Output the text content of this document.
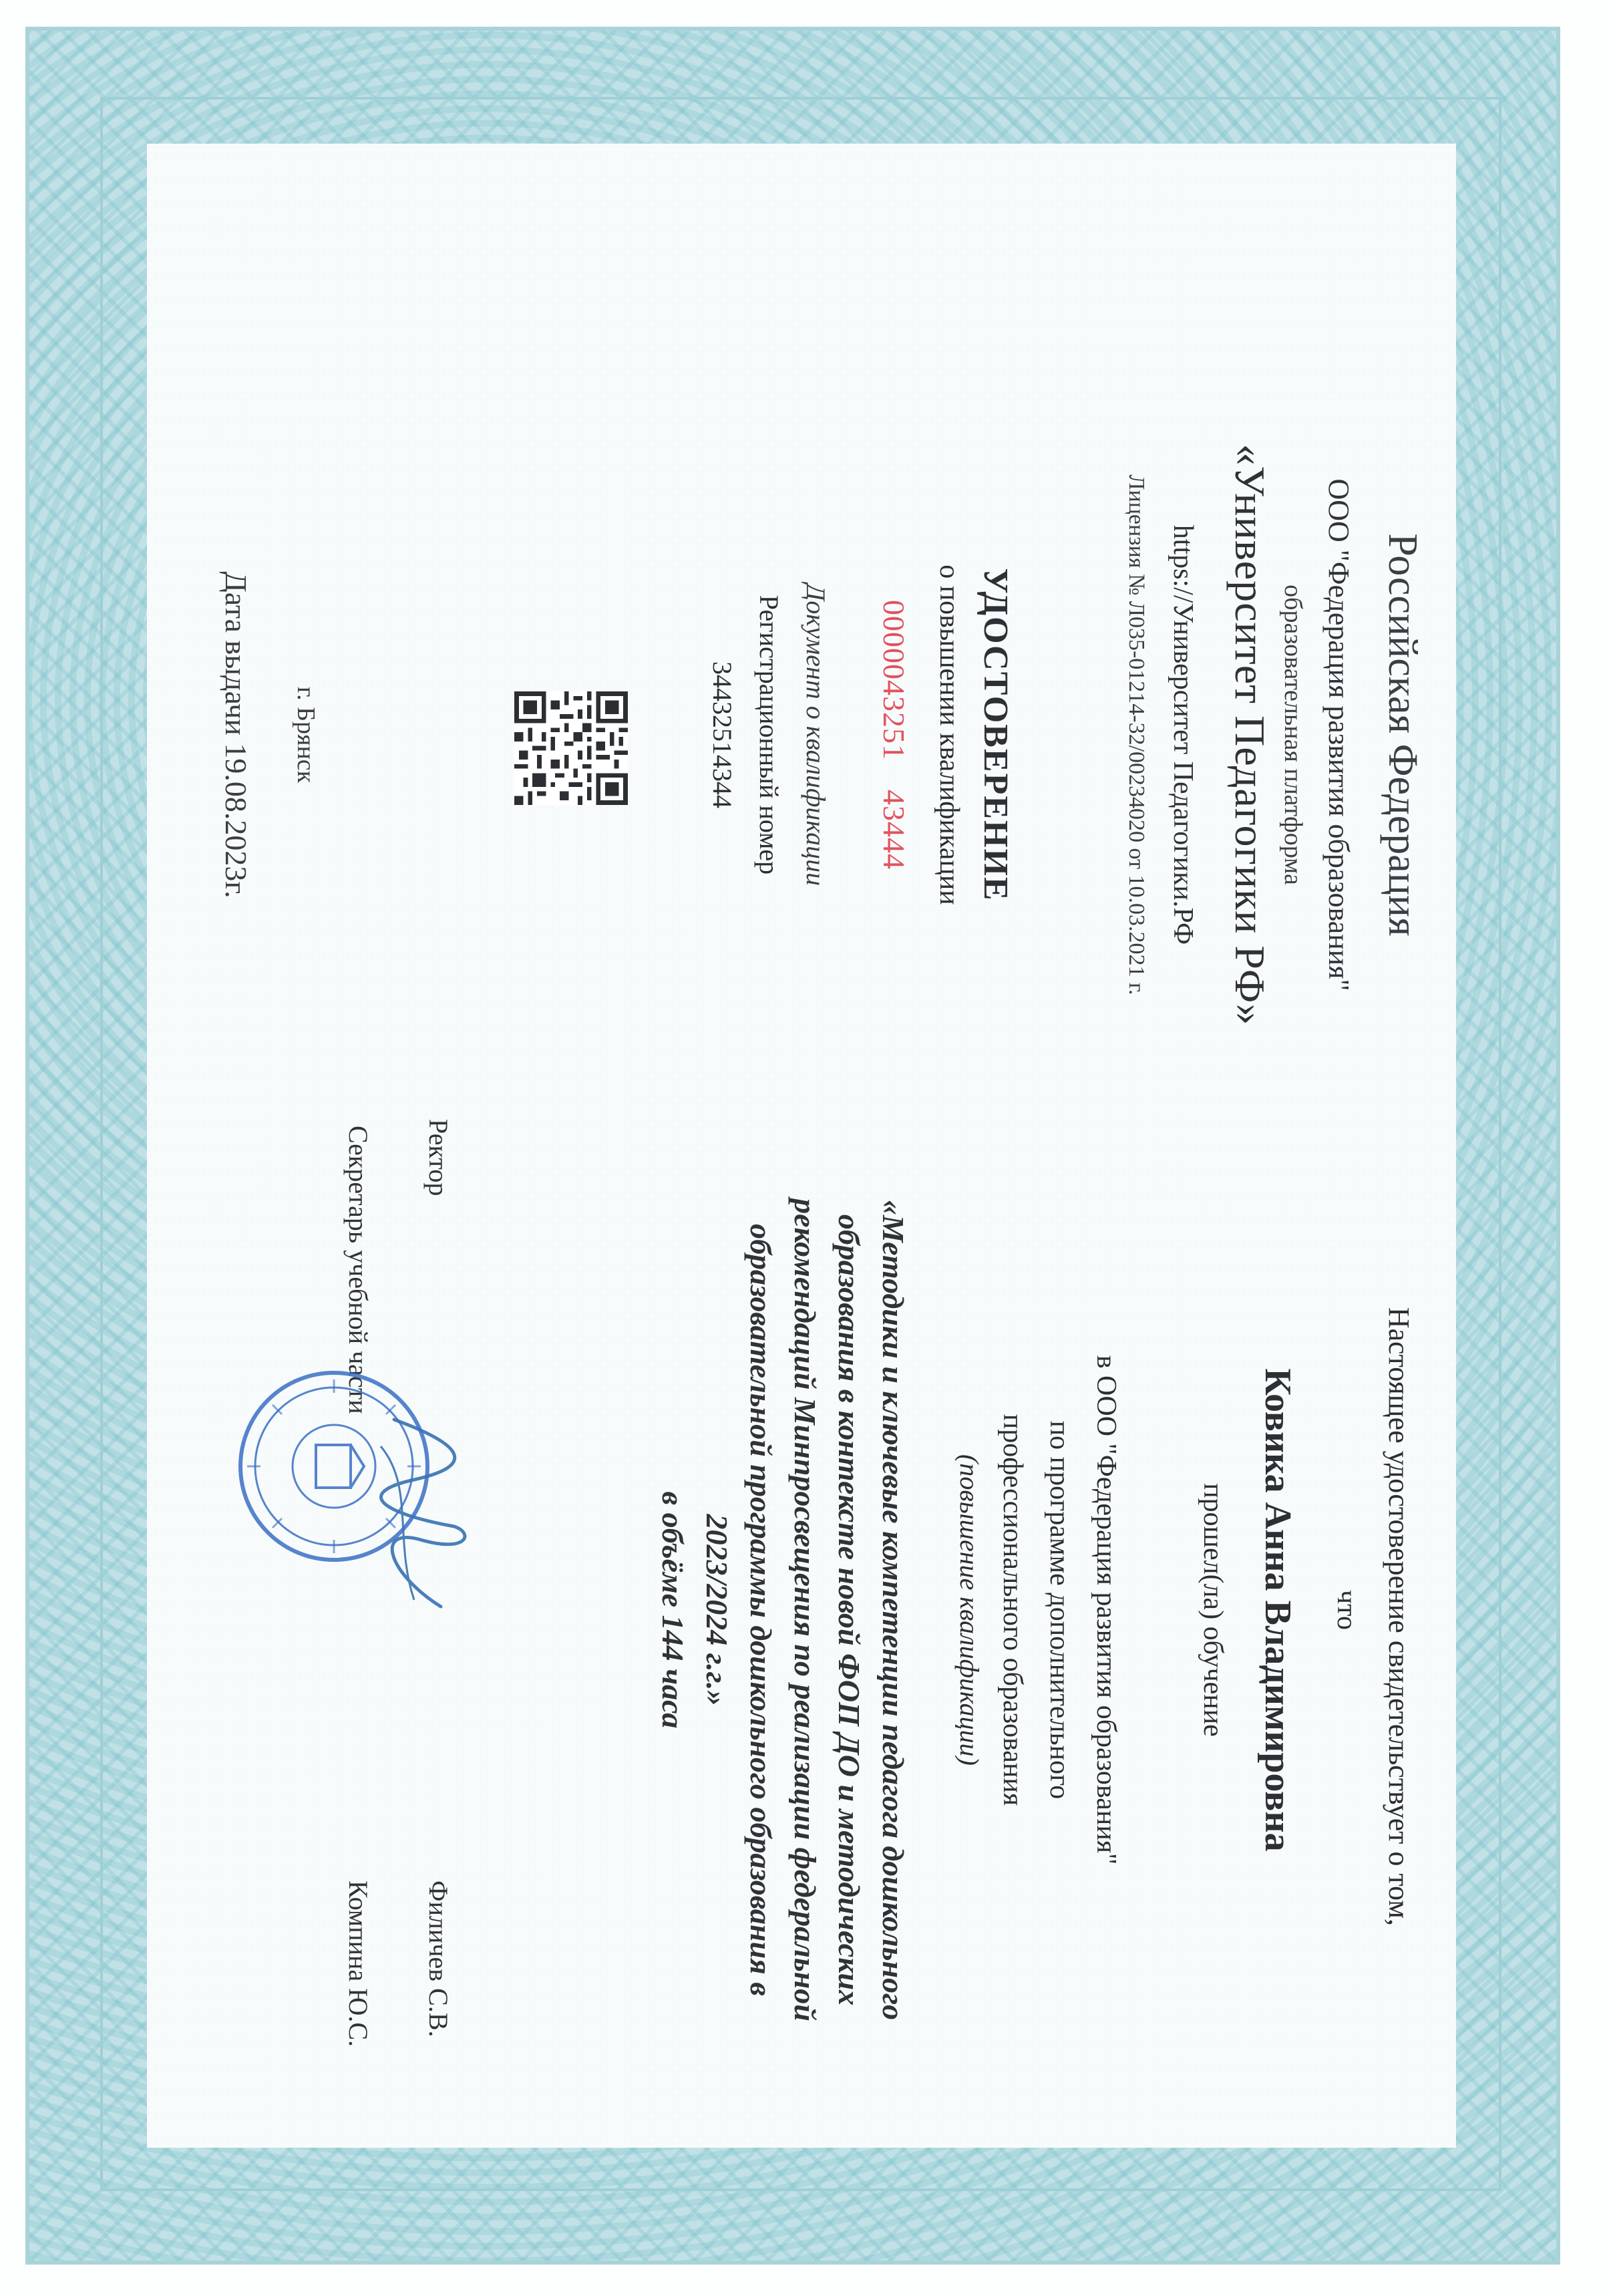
Российская Федерация
ООО "Федерация развития образования"
образовательная платформа
«Университет Педагогики РФ»
https://Университет Педагогики.РФ
Лицензия № Л035-01214-32/00234020 от 10.03.2021 г.
УДОСТОВЕРЕНИЕ
о повышении квалификации
000004325143444
Документ о квалификации
Регистрационный номер
34432514344
г. Брянск
Дата выдачи 19.08.2023г.
Настоящее удостоверение свидетельствует о том,
что
Ковика Анна Владимировна
прошел(ла) обучение
в ООО "Федерация развития образования"
по программе дополнительного
профессионального образования
(повышение квалификации)
«Методики и ключевые компетенции педагога дошкольного образования в контексте новой ФОП ДО и методических рекомендаций Минпросвещения по реализации федеральной образовательной программы дошкольного образования в 2023/2024 г.г.»
в объёме 144 часа
Ректор
Филичев С.В.
Секретарь учебной части
Компина Ю.С.
